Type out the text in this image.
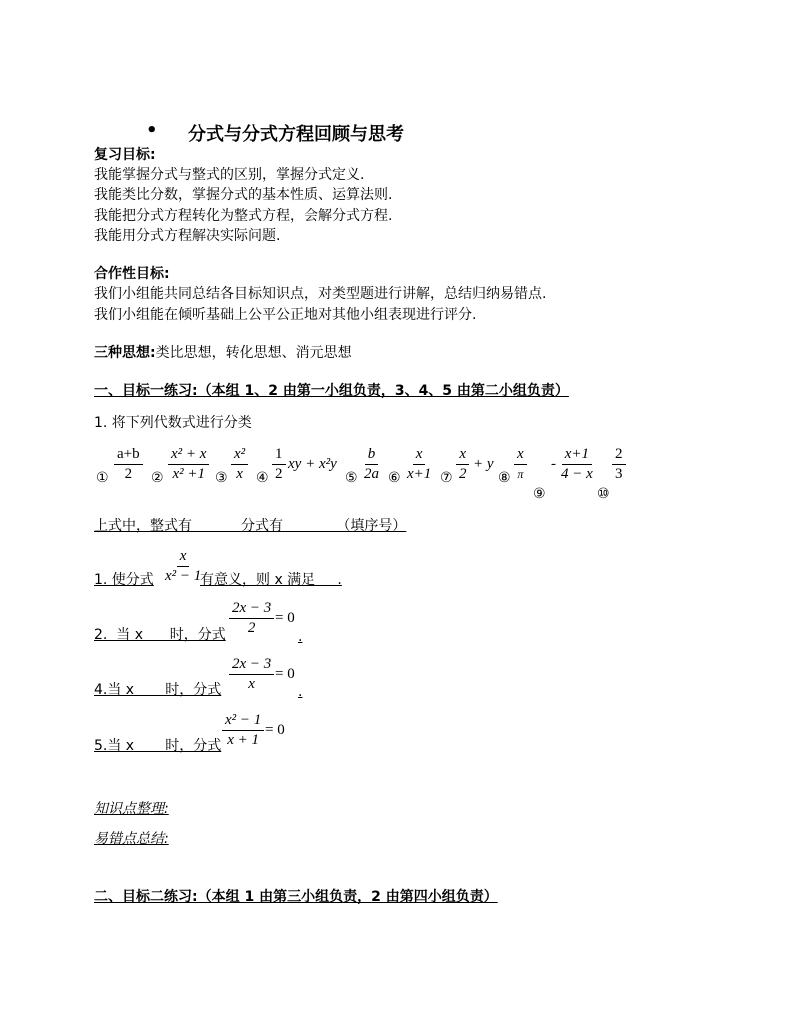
• 分式与分式方程回顾与思考
复习目标:
我能掌握分式与整式的区别，掌握分式定义.
我能类比分数，掌握分式的基本性质、运算法则.
我能把分式方程转化为整式方程，会解分式方程.
我能用分式方程解决实际问题.
合作性目标:
我们小组能共同总结各目标知识点，对类型题进行讲解，总结归纳易错点.
我们小组能在倾听基础上公平公正地对其他小组表现进行评分.
三种思想:类比思想，转化思想、消元思想
一、目标一练习:（本组 1、2 由第一小组负责，3、4、5 由第二小组负责）
1. 将下列代数式进行分类
① $\frac{a+b}{2}$ ② $\frac{\text{x² + x}}{\text{x² +1}}$ ③ $\frac{\text{x²}}{x}$ ④ $\frac{1}{2}$ xy + x²y
⑤ $\frac{b}{2a}$ ⑥ $\frac{x}{x+1}$ ⑦ $\frac{x}{2} + y$
⑧
x
π
- $\frac{x+1}{4 - x}$
⑨
$\frac{2}{3}$
⑩
上式中，整式有           分式有            （填序号）
1. 使分式 $\frac{x}{\text{x² − 1}}$
有意义，则 x 满足     .
2.  当 x      时，分式 $\frac{2x - 3}{2} = 0$
.
4.当 x       时，分式 $\frac{2x - 3}{x} = 0$
.
5.当 x       时，分式 $\frac{\text{x² − 1}}{x + 1} = 0$
知识点整理:
易错点总结:
二、目标二练习:（本组 1 由第三小组负责，2 由第四小组负责）
